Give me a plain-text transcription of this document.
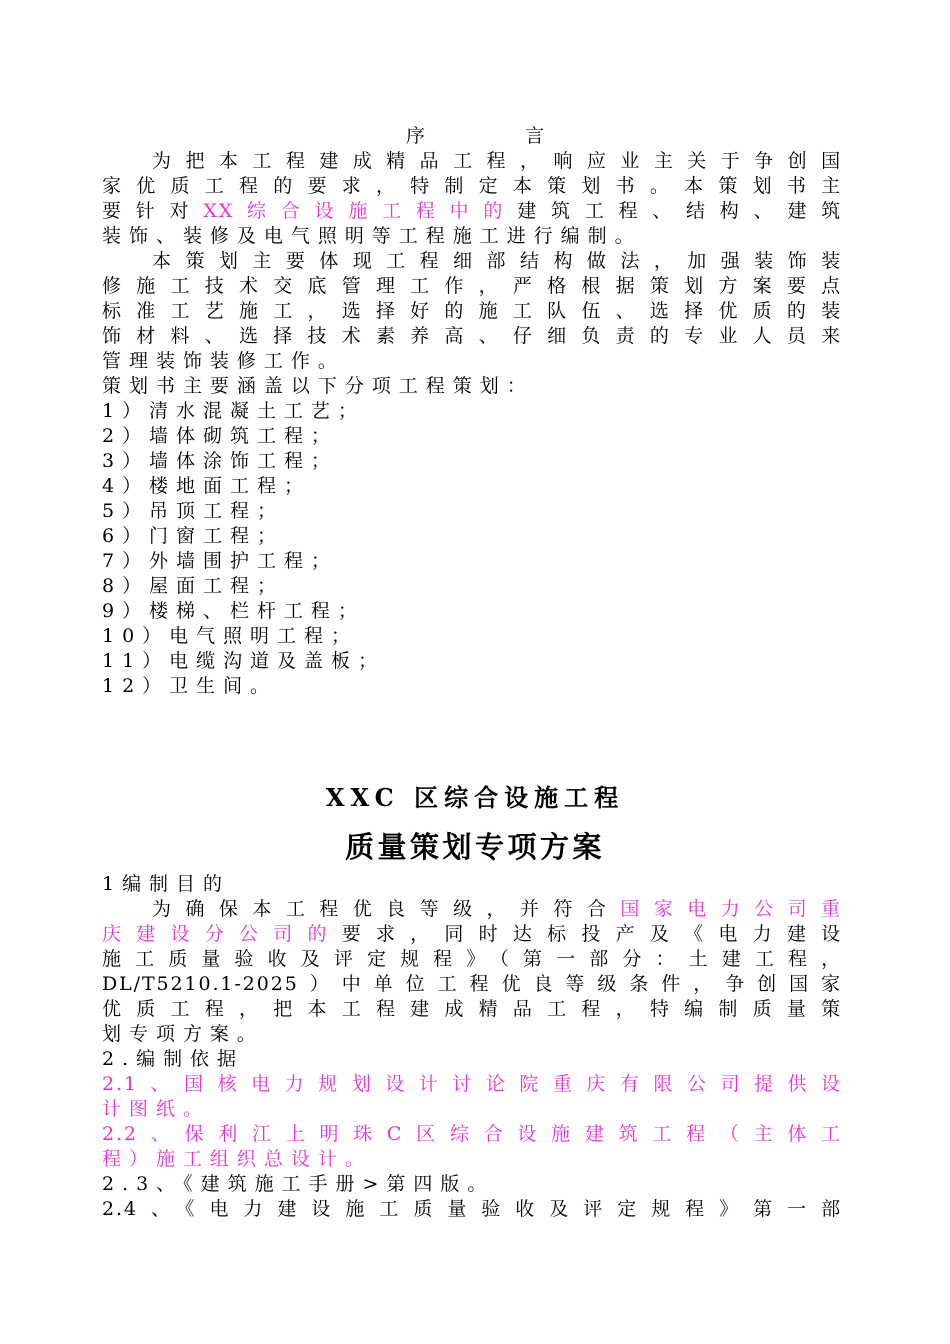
序	言
为把本工程建成精品工程，响应业主关于争创国
家优质工程的要求，特制定本策划书。本策划书主
要针对XX综合设施工程中的建筑工程、结构、建筑
装饰、装修及电气照明等工程施工进行编制。
本策划主要体现工程细部结构做法，加强装饰装
修施工技术交底管理工作，严格根据策划方案要点
标准工艺施工，选择好的施工队伍、选择优质的装
饰材料、选择技术素养高、仔细负责的专业人员来
管理装饰装修工作。
策划书主要涵盖以下分项工程策划：
1）清水混凝土工艺；
2）墙体砌筑工程；
3）墙体涂饰工程；
4）楼地面工程；
5）吊顶工程；
6）门窗工程；
7）外墙围护工程；
8）屋面工程；
9）楼梯、栏杆工程；
10）电气照明工程；
11）电缆沟道及盖板；
12）卫生间。
XXC 区综合设施工程
质量策划专项方案
1编制目的
为确保本工程优良等级，并符合国家电力公司重
庆建设分公司的要求，同时达标投产及《电力建设
施工质量验收及评定规程》（第一部分：土建工程，
DL/T5210.1-2025）中单位工程优良等级条件，争创国家
优质工程，把本工程建成精品工程，特编制质量策
划专项方案。
2.编制依据
2.1、国核电力规划设计讨论院重庆有限公司提供设
计图纸。
2.2、保利江上明珠C区综合设施建筑工程（主体工
程）施工组织总设计。
2.3、《建筑施工手册>第四版。
2.4、《电力建设施工质量验收及评定规程》第一部
